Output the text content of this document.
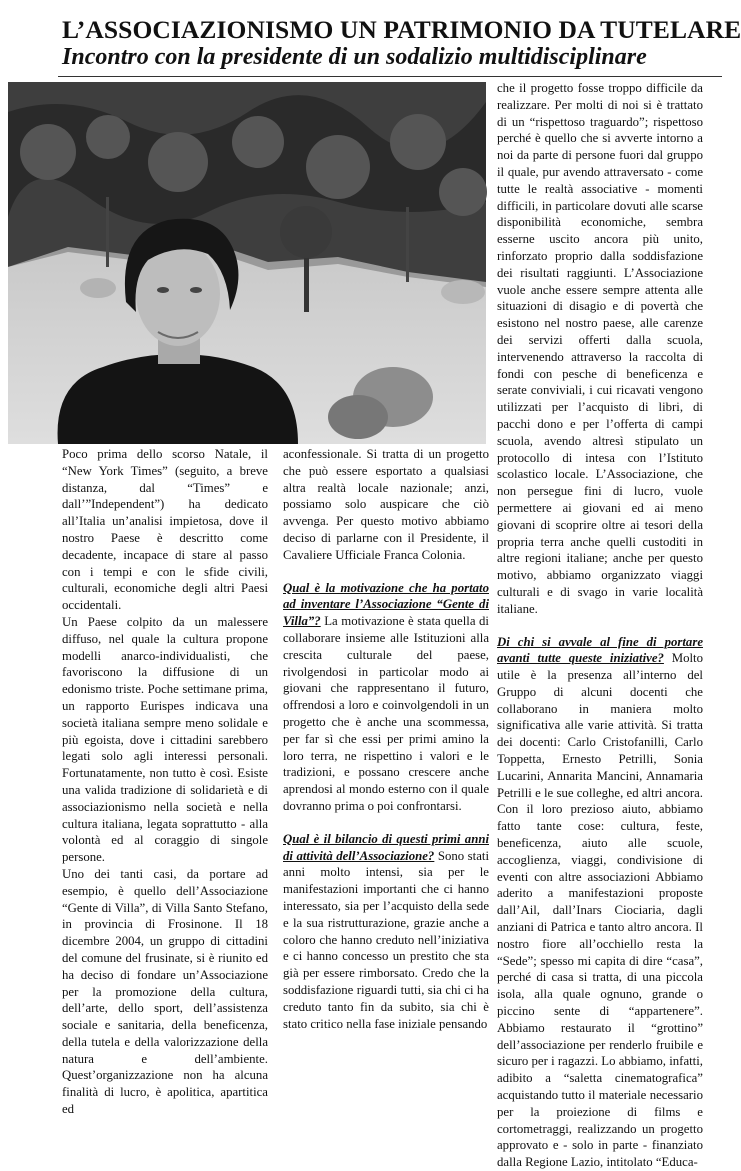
L’ASSOCIAZIONISMO UN PATRIMONIO DA TUTELARE
Incontro con la presidente di un sodalizio multidisciplinare

Poco prima dello scorso Natale, il “New York Times” (seguito, a breve distanza, dal “Times” e dall’”Independent”) ha dedicato all’Italia un’analisi impietosa, dove il nostro Paese è descritto come decadente, incapace di stare al passo con i tempi e con le sfide civili, culturali, economiche degli altri Paesi occidentali.

Un Paese colpito da un malessere diffuso, nel quale la cultura propone modelli anarco-individualisti, che favoriscono la diffusione di un edonismo triste. Poche settimane prima, un rapporto Eurispes indicava una società italiana sempre meno solidale e più egoista, dove i cittadini sarebbero legati solo agli interessi personali. Fortunatamente, non tutto è così. Esiste una valida tradizione di solidarietà e di associazionismo nella società e nella cultura italiana, legata soprattutto - alla volontà ed al coraggio di singole persone.

Uno dei tanti casi, da portare ad esempio, è quello dell’Associazione “Gente di Villa”, di Villa Santo Stefano, in provincia di Frosinone. Il 18 dicembre 2004, un gruppo di cittadini del comune del frusinate, si è riunito ed ha deciso di fondare un’Associazione per la promozione della cultura, dell’arte, dello sport, dell’assistenza sociale e sanitaria, della beneficenza, della tutela e della valorizzazione della natura e dell’ambiente. Quest’organizzazione non ha alcuna finalità di lucro, è apolitica, apartitica ed

aconfessionale. Si tratta di un progetto che può essere esportato a qualsiasi altra realtà locale nazionale; anzi, possiamo solo auspicare che ciò avvenga. Per questo motivo abbiamo deciso di parlarne con il Presidente, il Cavaliere Ufficiale Franca Colonia.

Qual è la motivazione che ha portato ad inventare l’Associazione “Gente di Villa”? La motivazione è stata quella di collaborare insieme alle Istituzioni alla crescita culturale del paese, rivolgendosi in particolar modo ai giovani che rappresentano il futuro, offrendosi a loro e coinvolgendoli in un progetto che è anche una scommessa, per far sì che essi per primi amino la loro terra, ne rispettino i valori e le tradizioni, e possano crescere anche aprendosi al mondo esterno con il quale dovranno prima o poi confrontarsi.

Qual è il bilancio di questi primi anni di attività dell’Associazione? Sono stati anni molto intensi, sia per le manifestazioni importanti che ci hanno interessato, sia per l’acquisto della sede e la sua ristrutturazione, grazie anche a coloro che hanno creduto nell’iniziativa e ci hanno concesso un prestito che sta già per essere rimborsato. Credo che la soddisfazione riguardi tutti, sia chi ci ha creduto tanto fin da subito, sia chi è stato critico nella fase iniziale pensando

che il progetto fosse troppo difficile da realizzare. Per molti di noi si è trattato di un “rispettoso traguardo”; rispettoso perché è quello che si avverte intorno a noi da parte di persone fuori dal gruppo il quale, pur avendo attraversato - come tutte le realtà associative - momenti difficili, in particolare dovuti alle scarse disponibilità economiche, sembra esserne uscito ancora più unito, rinforzato proprio dalla soddisfazione dei risultati raggiunti. L’Associazione vuole anche essere sempre attenta alle situazioni di disagio e di povertà che esistono nel nostro paese, alle carenze dei servizi offerti dalla scuola, intervenendo attraverso la raccolta di fondi con pesche di beneficenza e serate conviviali, i cui ricavati vengono utilizzati per l’acquisto di libri, di pacchi dono e per l’offerta di campi scuola, avendo altresì stipulato un protocollo di intesa con l’Istituto scolastico locale. L’Associazione, che non persegue fini di lucro, vuole permettere ai giovani ed ai meno giovani di scoprire oltre ai tesori della propria terra anche quelli custoditi in altre regioni italiane; anche per questo motivo, abbiamo organizzato viaggi culturali e di svago in varie località italiane.

Di chi si avvale al fine di portare avanti tutte queste iniziative? Molto utile è la presenza all’interno del Gruppo di alcuni docenti che collaborano in maniera molto significativa alle varie attività. Si tratta dei docenti: Carlo Cristofanilli, Carlo Toppetta, Ernesto Petrilli, Sonia Lucarini, Annarita Mancini, Annamaria Petrilli e le sue colleghe, ed altri ancora. Con il loro prezioso aiuto, abbiamo fatto tante cose: cultura, feste, beneficenza, aiuto alle scuole, accoglienza, viaggi, condivisione di eventi con altre associazioni Abbiamo aderito a manifestazioni proposte dall’Ail, dall’Inars Ciociaria, dagli anziani di Patrica e tanto altro ancora. Il nostro fiore all’occhiello resta la “Sede”; spesso mi capita di dire “casa”, perché di casa si tratta, di una piccola isola, alla quale ognuno, grande o piccino sente di “appartenere”. Abbiamo restaurato il “grottino” dell’associazione per renderlo fruibile e sicuro per i ragazzi. Lo abbiamo, infatti, adibito a “saletta cinematografica” acquistando tutto il materiale necessario per la proiezione di films e cortometraggi, realizzando un progetto approvato e - solo in parte - finanziato dalla Regione Lazio, intitolato “Educa-
